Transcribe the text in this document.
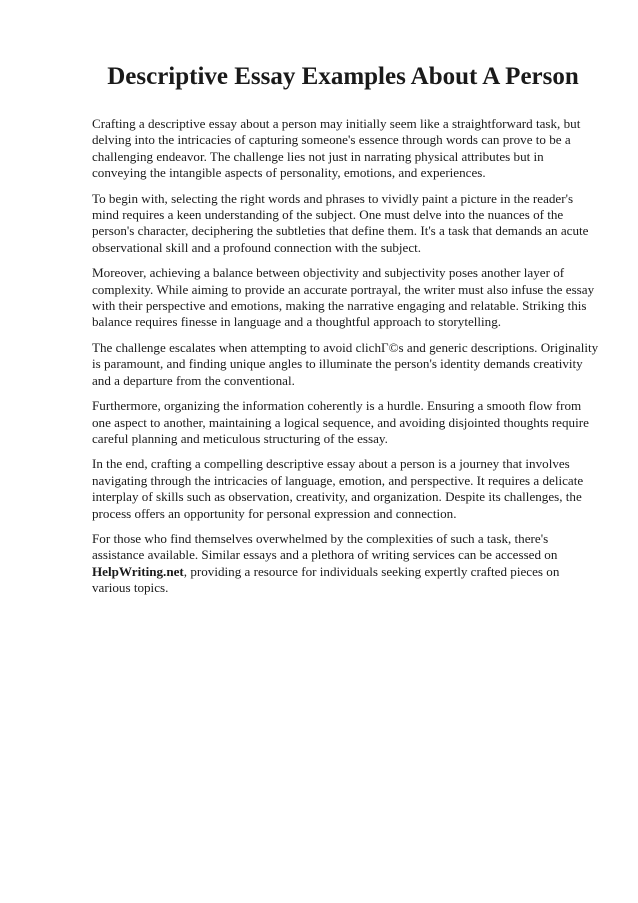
Descriptive Essay Examples About A Person

Crafting a descriptive essay about a person may initially seem like a straightforward task, but delving into the intricacies of capturing someone's essence through words can prove to be a challenging endeavor. The challenge lies not just in narrating physical attributes but in conveying the intangible aspects of personality, emotions, and experiences.

To begin with, selecting the right words and phrases to vividly paint a picture in the reader's mind requires a keen understanding of the subject. One must delve into the nuances of the person's character, deciphering the subtleties that define them. It's a task that demands an acute observational skill and a profound connection with the subject.

Moreover, achieving a balance between objectivity and subjectivity poses another layer of complexity. While aiming to provide an accurate portrayal, the writer must also infuse the essay with their perspective and emotions, making the narrative engaging and relatable. Striking this balance requires finesse in language and a thoughtful approach to storytelling.

The challenge escalates when attempting to avoid clichΓ©s and generic descriptions. Originality is paramount, and finding unique angles to illuminate the person's identity demands creativity and a departure from the conventional.

Furthermore, organizing the information coherently is a hurdle. Ensuring a smooth flow from one aspect to another, maintaining a logical sequence, and avoiding disjointed thoughts require careful planning and meticulous structuring of the essay.

In the end, crafting a compelling descriptive essay about a person is a journey that involves navigating through the intricacies of language, emotion, and perspective. It requires a delicate interplay of skills such as observation, creativity, and organization. Despite its challenges, the process offers an opportunity for personal expression and connection.

For those who find themselves overwhelmed by the complexities of such a task, there's assistance available. Similar essays and a plethora of writing services can be accessed on HelpWriting.net, providing a resource for individuals seeking expertly crafted pieces on various topics.
